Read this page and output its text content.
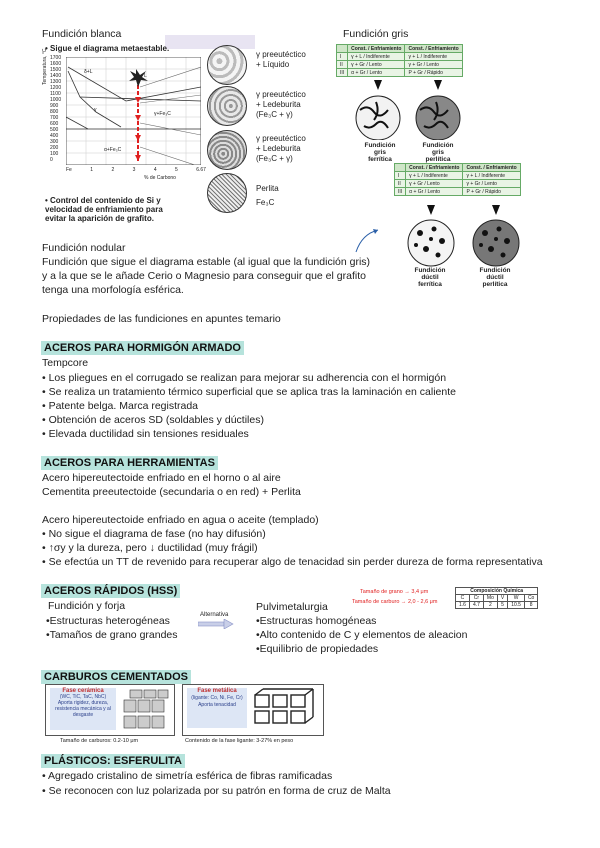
Fundición blanca
• Sigue el diagrama metaestable.
Temperatura, °C 1700
1600
1500
1400
1300
1200
1100
1000
900
800
700
600
500
400
300
200
100
0
δ+L
L
γ
γ+Fe₃C
α+Fe₃C
Fe	1	2	3	4	5	6.67
% de Carbono
γ preeutéctico
+ Líquido
γ preeutéctico
+ Ledeburita
(Fe₃C + γ)
γ preeutéctico
+ Ledeburita
(Fe₃C + γ)
Perlita
Fe₃C
• Control del contenido de Si y
velocidad de enfriamiento para
evitar la aparición de grafito.
Fundición gris
	Const. / Enfriamiento	Const. / Enfriamiento
I	γ + L / Indiferente	γ + L / Indiferente
II	γ + Gr / Lento	γ + Gr / Lento
III	α + Gr / Lento	P + Gr / Rápido
Fundición gris
ferrítica
Fundición gris
perlítica
	Const. / Enfriamiento	Const. / Enfriamiento
I	γ + L / Indiferente	γ + L / Indiferente
II	γ + Gr / Lento	γ + Gr / Lento
III	α + Gr / Lento	P + Gr / Rápido
Fundición dúctil
ferrítica
Fundición dúctil
perlítica
Fundición nodular
Fundición que sigue el diagrama estable (al igual que la fundición gris)
y a la que se le añade Cerio o Magnesio para conseguir que el grafito
tenga una morfología esférica.
Propiedades de las fundiciones en apuntes temario
ACEROS PARA HORMIGÓN ARMADO
Tempcore
• Los pliegues en el corrugado se realizan para mejorar su adherencia con el hormigón
• Se realiza un tratamiento térmico superficial que se aplica tras la laminación en caliente
• Patente belga. Marca registrada
• Obtención de aceros SD (soldables y dúctiles)
• Elevada ductilidad sin tensiones residuales
ACEROS PARA HERRAMIENTAS
Acero hipereutectoide enfriado en el horno o al aire
Cementita preeutectoide (secundaria o en red) + Perlita
Acero hipereutectoide enfriado en agua o aceite (templado)
• No sigue el diagrama de fase (no hay difusión)
• ↑σy y la dureza, pero ↓ ductilidad (muy frágil)
• Se efectúa un TT de revenido para recuperar algo de tenacidad sin perder dureza de forma representativa
ACEROS RÁPIDOS (HSS)
Fundición y forja
•Estructuras heterogéneas
•Tamaños de grano grandes
Alternativa
Pulvimetalurgia
•Estructuras homogéneas
•Alto contenido de C y elementos de aleacion
•Equilibrio de propiedades
Tamaño de grano → 3,4 μm
Tamaño de carburo → 2,0 - 2,6 μm
Composición Química					
C	Cr	Mo	V	W	Co
1.6	4.7	2	5	10.5	8
CARBUROS CEMENTADOS
Fase cerámica
(WC, TiC, TaC, NbC)
Aporta rigidez, dureza,
resistencia mecánica y al
desgaste
Fase metálica
(ligante: Co, Ni, Fe, Cr)
Aporta tenacidad
Tamaño de carburos: 0.2-10 μm	Contenido de la fase ligante: 3-27% en peso
PLÁSTICOS: ESFERULITA
• Agregado cristalino de simetría esférica de fibras ramificadas
• Se reconocen con luz polarizada por su patrón en forma de cruz de Malta
